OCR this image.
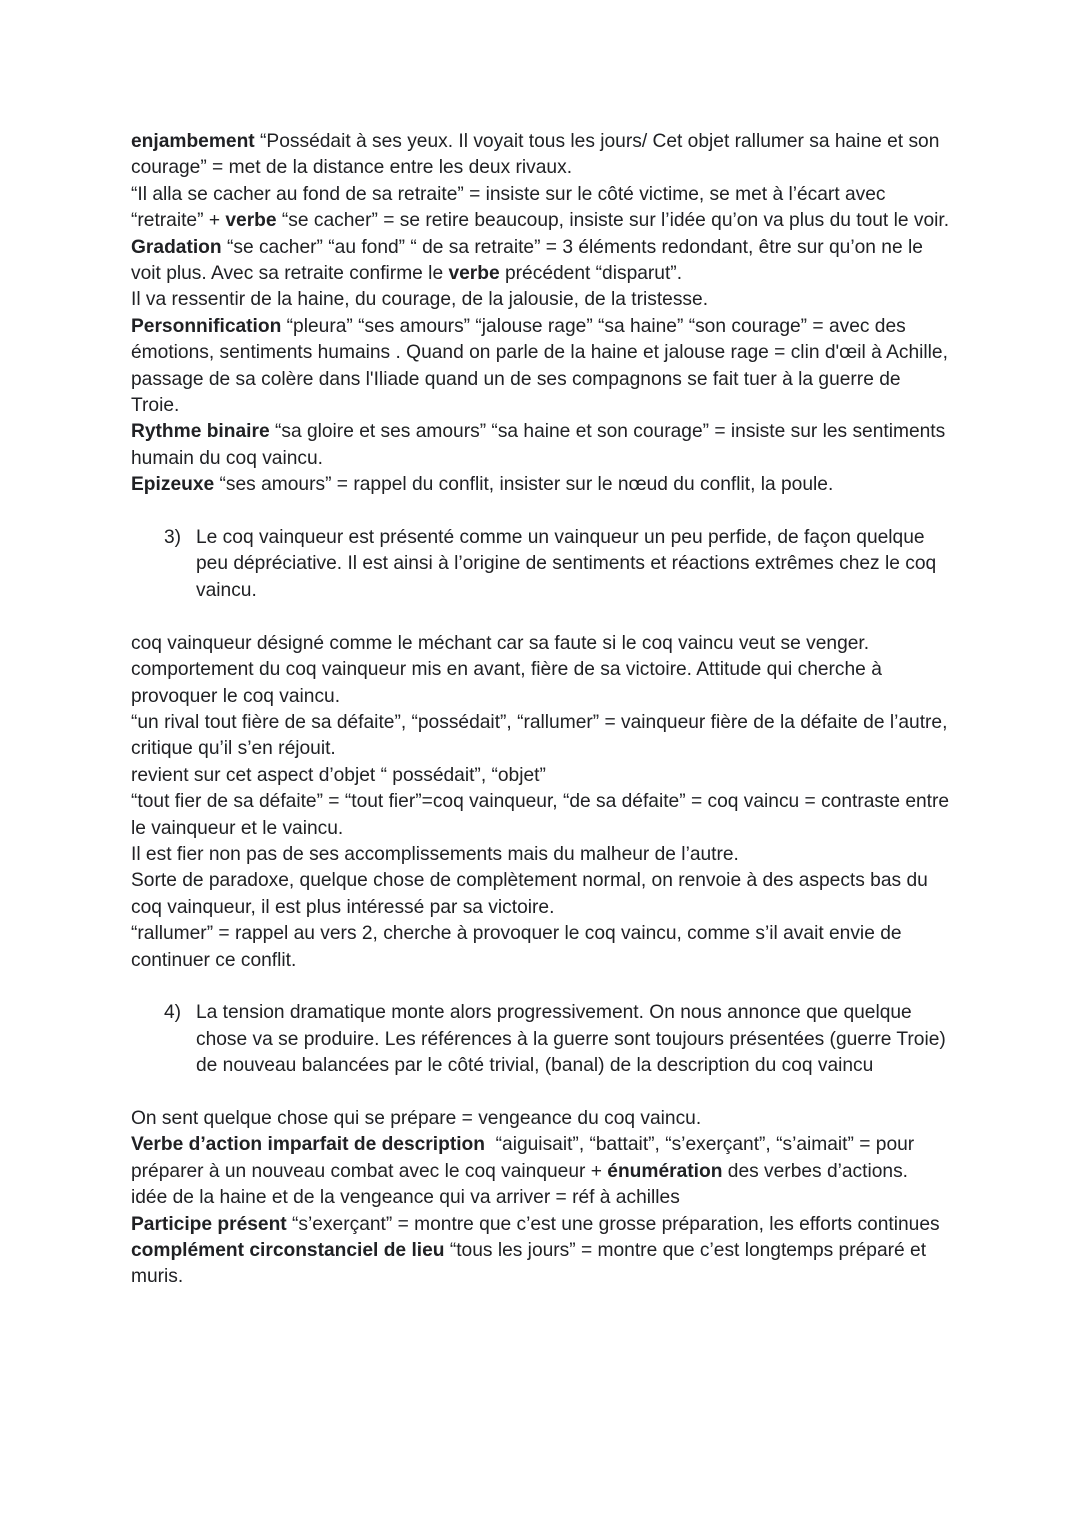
enjambement “Possédait à ses yeux. Il voyait tous les jours/ Cet objet rallumer sa haine et son courage” = met de la distance entre les deux rivaux.

“Il alla se cacher au fond de sa retraite” = insiste sur le côté victime, se met à l’écart avec “retraite” + verbe “se cacher” = se retire beaucoup, insiste sur l’idée qu’on va plus du tout le voir.

Gradation “se cacher” “au fond” “ de sa retraite” = 3 éléments redondant, être sur qu’on ne le voit plus. Avec sa retraite confirme le verbe précédent “disparut”.

Il va ressentir de la haine, du courage, de la jalousie, de la tristesse.

Personnification “pleura” “ses amours” “jalouse rage” “sa haine” “son courage” = avec des émotions, sentiments humains . Quand on parle de la haine et jalouse rage = clin d'œil à Achille, passage de sa colère dans l'Iliade quand un de ses compagnons se fait tuer à la guerre de Troie.

Rythme binaire “sa gloire et ses amours” “sa haine et son courage” = insiste sur les sentiments humain du coq vaincu.

Epizeuxe “ses amours” = rappel du conflit, insister sur le nœud du conflit, la poule.

3) Le coq vainqueur est présenté comme un vainqueur un peu perfide, de façon quelque peu dépréciative. Il est ainsi à l’origine de sentiments et réactions extrêmes chez le coq vaincu.

coq vainqueur désigné comme le méchant car sa faute si le coq vaincu veut se venger.

comportement du coq vainqueur mis en avant, fière de sa victoire. Attitude qui cherche à provoquer le coq vaincu.

“un rival tout fière de sa défaite”, “possédait”, “rallumer” = vainqueur fière de la défaite de l’autre, critique qu’il s’en réjouit.

revient sur cet aspect d’objet “ possédait”, “objet”

“tout fier de sa défaite” = “tout fier”=coq vainqueur, “de sa défaite” = coq vaincu = contraste entre le vainqueur et le vaincu.

Il est fier non pas de ses accomplissements mais du malheur de l’autre.

Sorte de paradoxe, quelque chose de complètement normal, on renvoie à des aspects bas du coq vainqueur, il est plus intéressé par sa victoire.

“rallumer” = rappel au vers 2, cherche à provoquer le coq vaincu, comme s’il avait envie de continuer ce conflit.

4) La tension dramatique monte alors progressivement. On nous annonce que quelque chose va se produire. Les références à la guerre sont toujours présentées (guerre Troie) de nouveau balancées par le côté trivial, (banal) de la description du coq vaincu

On sent quelque chose qui se prépare = vengeance du coq vaincu.

Verbe d’action imparfait de description  “aiguisait”, “battait”, “s’exerçant”, “s’aimait” = pour préparer à un nouveau combat avec le coq vainqueur + énumération des verbes d’actions.

idée de la haine et de la vengeance qui va arriver = réf à achilles

Participe présent “s’exerçant” = montre que c’est une grosse préparation, les efforts continues

complément circonstanciel de lieu “tous les jours” = montre que c’est longtemps préparé et muris.
